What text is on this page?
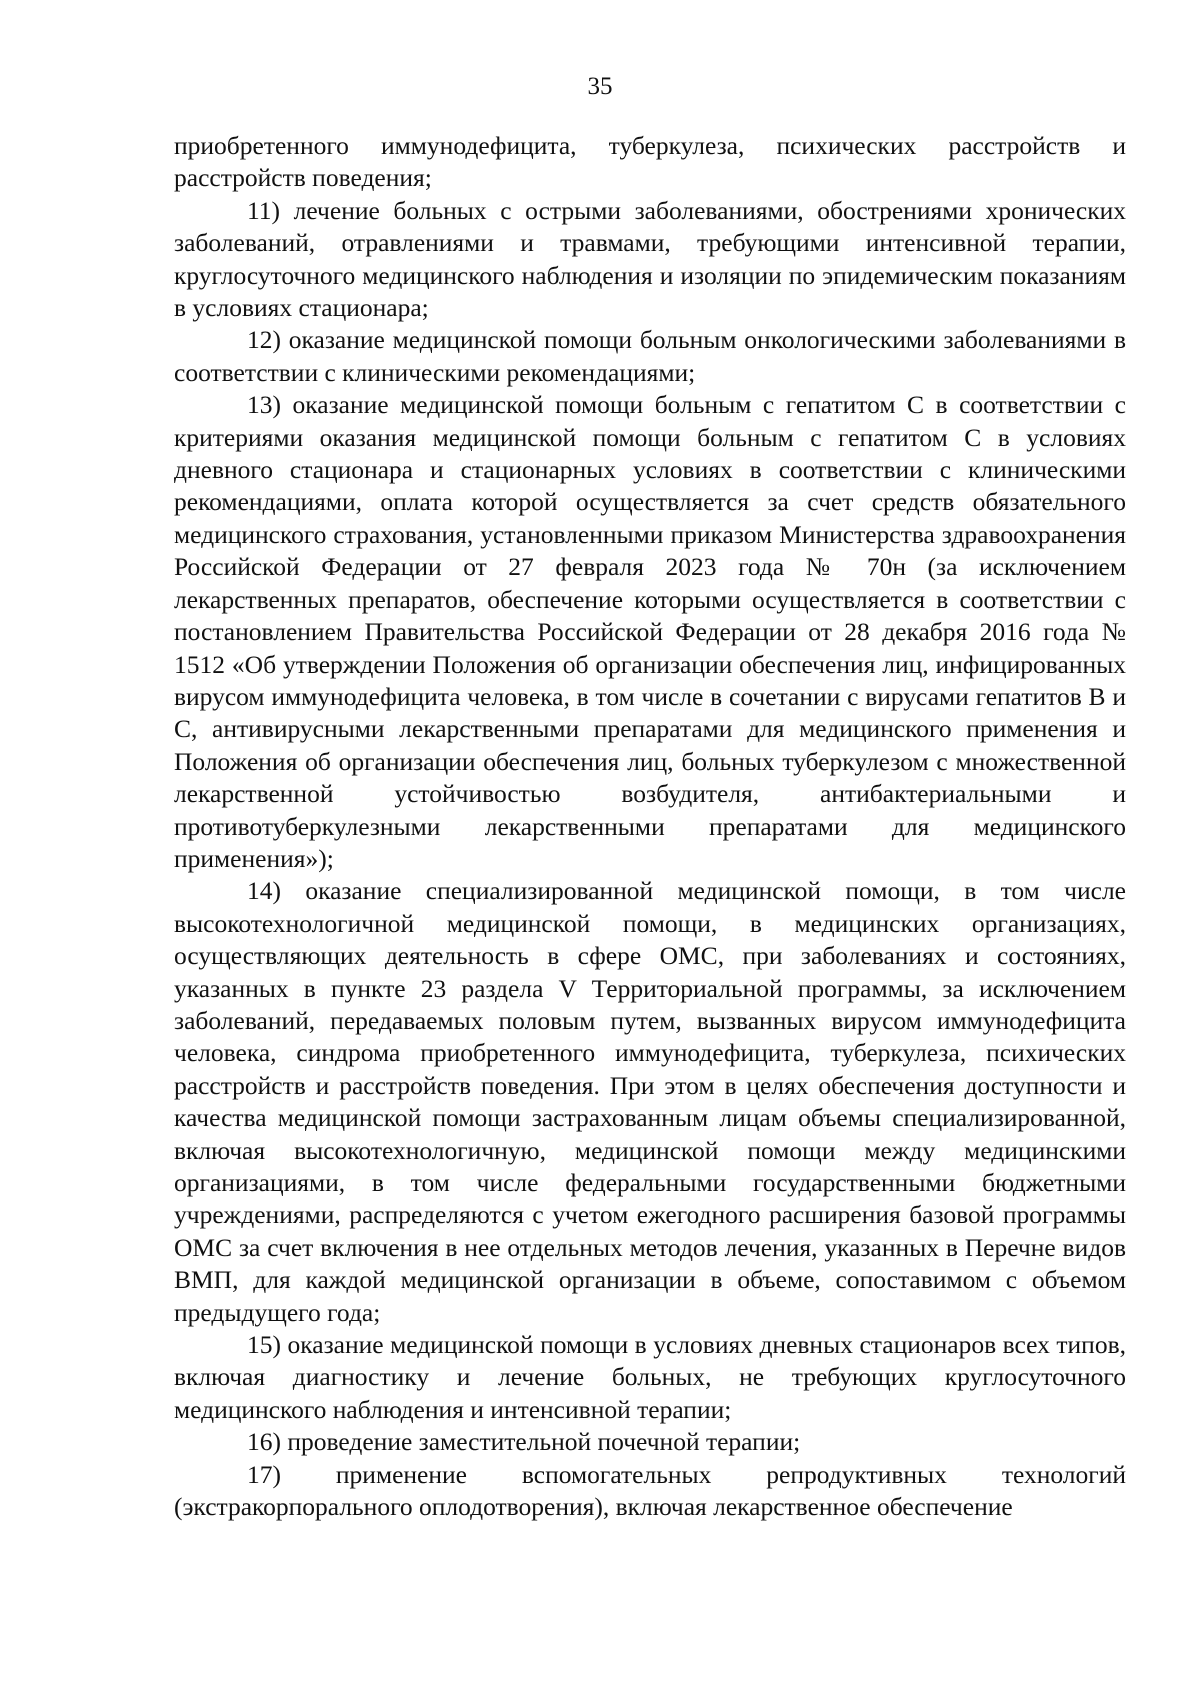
35

приобретенного иммунодефицита, туберкулеза, психических расстройств и расстройств поведения;

11) лечение больных с острыми заболеваниями, обострениями хронических заболеваний, отравлениями и травмами, требующими интенсивной терапии, круглосуточного медицинского наблюдения и изоляции по эпидемическим показаниям в условиях стационара;

12) оказание медицинской помощи больным онкологическими заболеваниями в соответствии с клиническими рекомендациями;

13) оказание медицинской помощи больным с гепатитом С в соответствии с критериями оказания медицинской помощи больным с гепатитом С в условиях дневного стационара и стационарных условиях в соответствии с клиническими рекомендациями, оплата которой осуществляется за счет средств обязательного медицинского страхования, установленными приказом Министерства здравоохранения Российской Федерации от 27 февраля 2023 года № 70н (за исключением лекарственных препаратов, обеспечение которыми осуществляется в соответствии с постановлением Правительства Российской Федерации от 28 декабря 2016 года № 1512 «Об утверждении Положения об организации обеспечения лиц, инфицированных вирусом иммунодефицита человека, в том числе в сочетании с вирусами гепатитов B и C, антивирусными лекарственными препаратами для медицинского применения и Положения об организации обеспечения лиц, больных туберкулезом с множественной лекарственной устойчивостью возбудителя, антибактериальными и противотуберкулезными лекарственными препаратами для медицинского применения»);

14) оказание специализированной медицинской помощи, в том числе высокотехнологичной медицинской помощи, в медицинских организациях, осуществляющих деятельность в сфере ОМС, при заболеваниях и состояниях, указанных в пункте 23 раздела V Территориальной программы, за исключением заболеваний, передаваемых половым путем, вызванных вирусом иммунодефицита человека, синдрома приобретенного иммунодефицита, туберкулеза, психических расстройств и расстройств поведения. При этом в целях обеспечения доступности и качества медицинской помощи застрахованным лицам объемы специализированной, включая высокотехнологичную, медицинской помощи между медицинскими организациями, в том числе федеральными государственными бюджетными учреждениями, распределяются с учетом ежегодного расширения базовой программы ОМС за счет включения в нее отдельных методов лечения, указанных в Перечне видов ВМП, для каждой медицинской организации в объеме, сопоставимом с объемом предыдущего года;

15) оказание медицинской помощи в условиях дневных стационаров всех типов, включая диагностику и лечение больных, не требующих круглосуточного медицинского наблюдения и интенсивной терапии;

16) проведение заместительной почечной терапии;

17) применение вспомогательных репродуктивных технологий (экстракорпорального оплодотворения), включая лекарственное обеспечение
